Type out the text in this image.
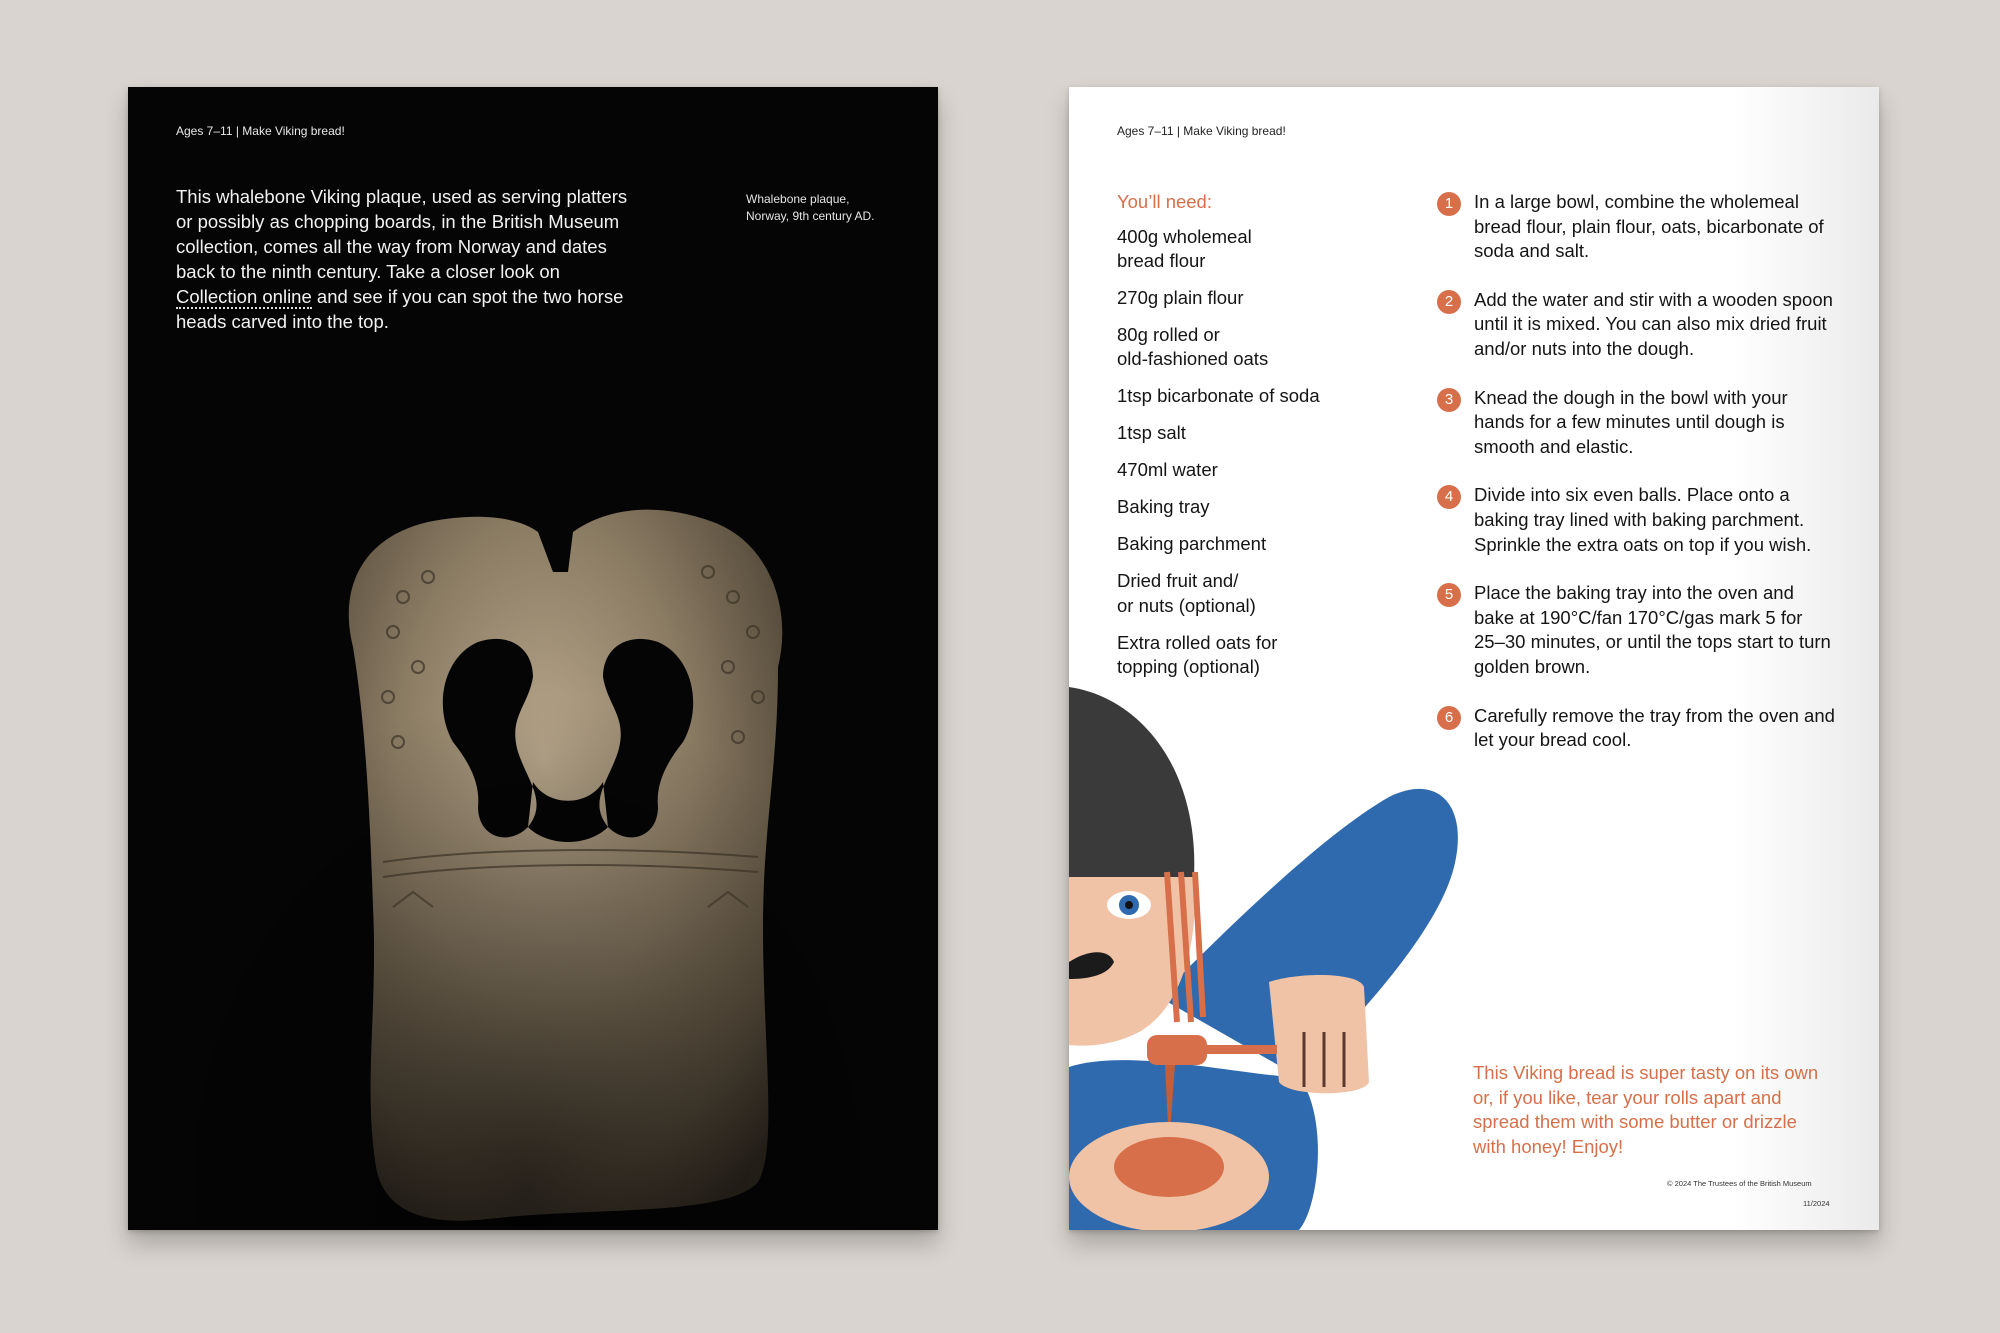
Ages 7–11 | Make Viking bread!

This whalebone Viking plaque, used as serving platters or possibly as chopping boards, in the British Museum collection, comes all the way from Norway and dates back to the ninth century. Take a closer look on Collection online and see if you can spot the two horse heads carved into the top.

Whalebone plaque,
Norway, 9th century AD.
Ages 7–11 | Make Viking bread!
You’ll need:
400g wholemeal
bread flour
270g plain flour
80g rolled or
old-fashioned oats
1tsp bicarbonate of soda
1tsp salt
470ml water
Baking tray
Baking parchment
Dried fruit and/
or nuts (optional)
Extra rolled oats for
topping (optional)
1	In a large bowl, combine the wholemeal bread flour, plain flour, oats, bicarbonate of soda and salt.
2	Add the water and stir with a wooden spoon until it is mixed. You can also mix dried fruit and/or nuts into the dough.
3	Knead the dough in the bowl with your hands for a few minutes until dough is smooth and elastic.
4	Divide into six even balls. Place onto a baking tray lined with baking parchment. Sprinkle the extra oats on top if you wish.
5	Place the baking tray into the oven and bake at 190°C/fan 170°C/gas mark 5 for 25–30 minutes, or until the tops start to turn golden brown.
6	Carefully remove the tray from the oven and let your bread cool.
This Viking bread is super tasty on its own or, if you like, tear your rolls apart and spread them with some butter or drizzle with honey! Enjoy!
© 2024 The Trustees of the British Museum
11/2024
